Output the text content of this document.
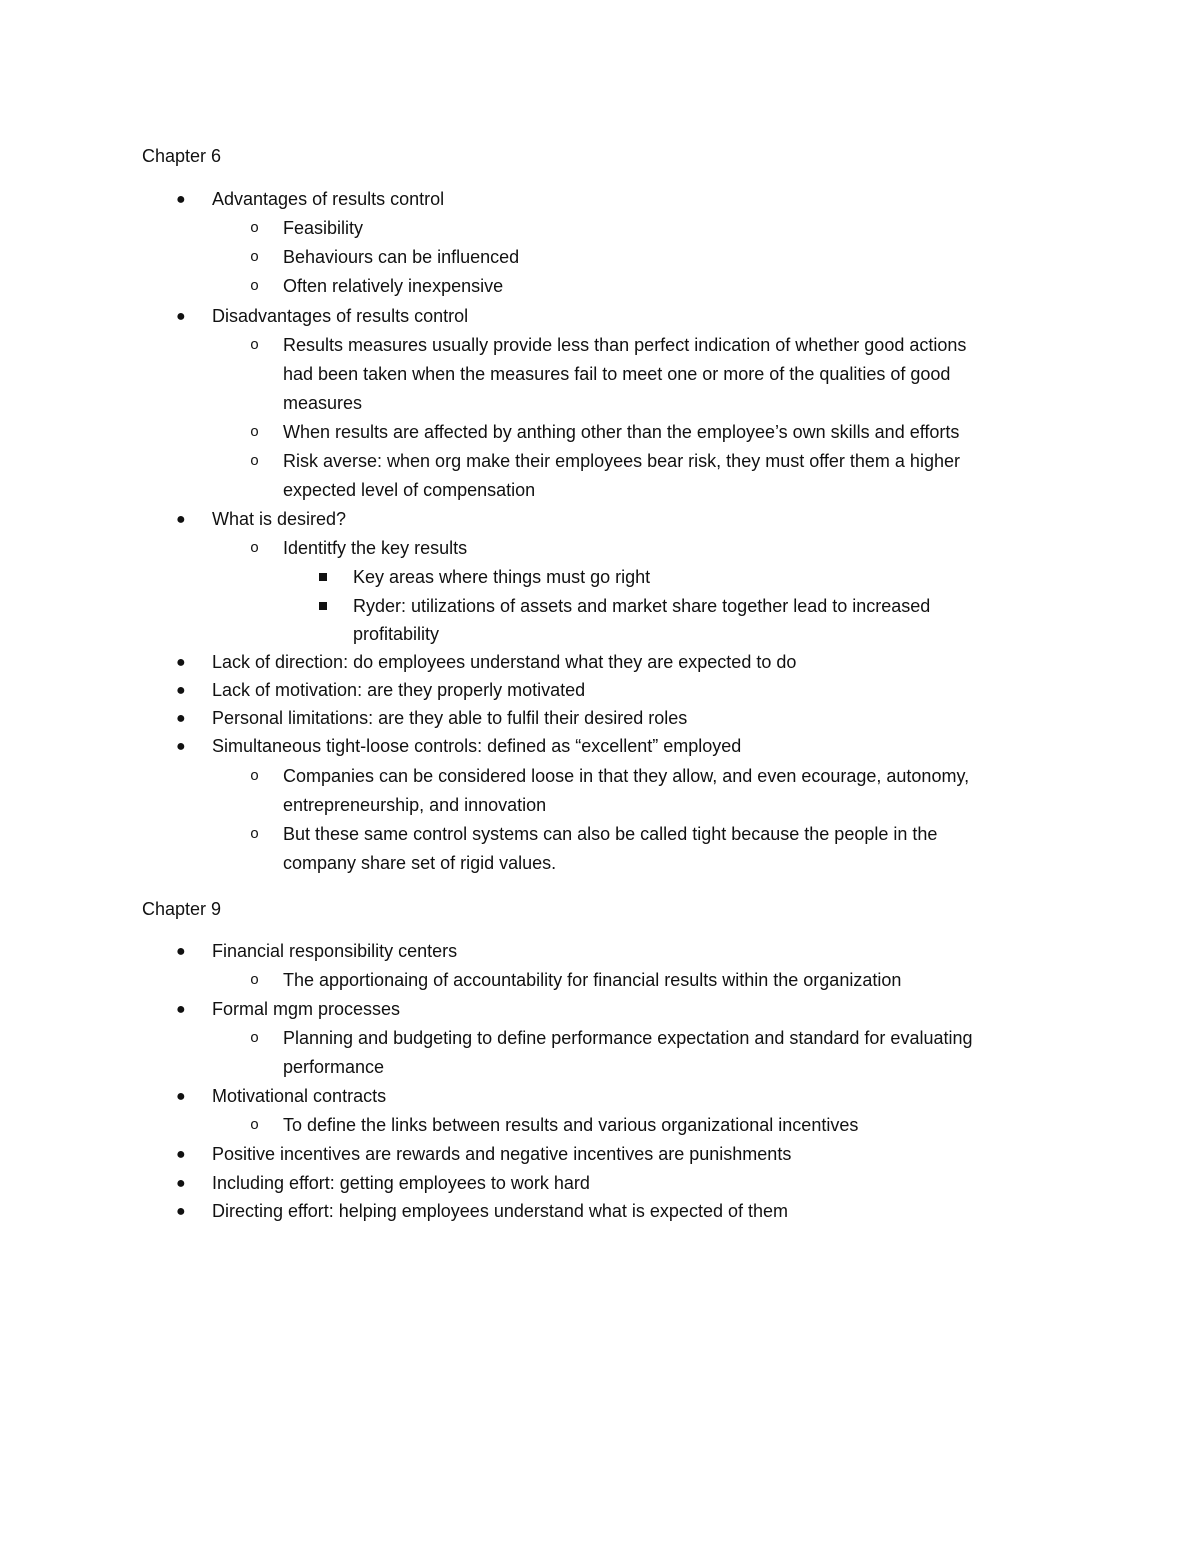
Chapter 6
● Advantages of results control
o Feasibility
o Behaviours can be influenced
o Often relatively inexpensive
● Disadvantages of results control
o Results measures usually provide less than perfect indication of whether good actions
had been taken when the measures fail to meet one or more of the qualities of good
measures
o When results are affected by anthing other than the employee’s own skills and efforts
o Risk averse: when org make their employees bear risk, they must offer them a higher
expected level of compensation
● What is desired?
o Identitfy the key results
Key areas where things must go right
Ryder: utilizations of assets and market share together lead to increased
profitability
● Lack of direction: do employees understand what they are expected to do
● Lack of motivation: are they properly motivated
● Personal limitations: are they able to fulfil their desired roles
● Simultaneous tight-loose controls: defined as “excellent” employed
o Companies can be considered loose in that they allow, and even ecourage, autonomy,
entrepreneurship, and innovation
o But these same control systems can also be called tight because the people in the
company share set of rigid values.
Chapter 9
● Financial responsibility centers
o The apportionaing of accountability for financial results within the organization
● Formal mgm processes
o Planning and budgeting to define performance expectation and standard for evaluating
performance
● Motivational contracts
o To define the links between results and various organizational incentives
● Positive incentives are rewards and negative incentives are punishments
● Including effort: getting employees to work hard
● Directing effort: helping employees understand what is expected of them
